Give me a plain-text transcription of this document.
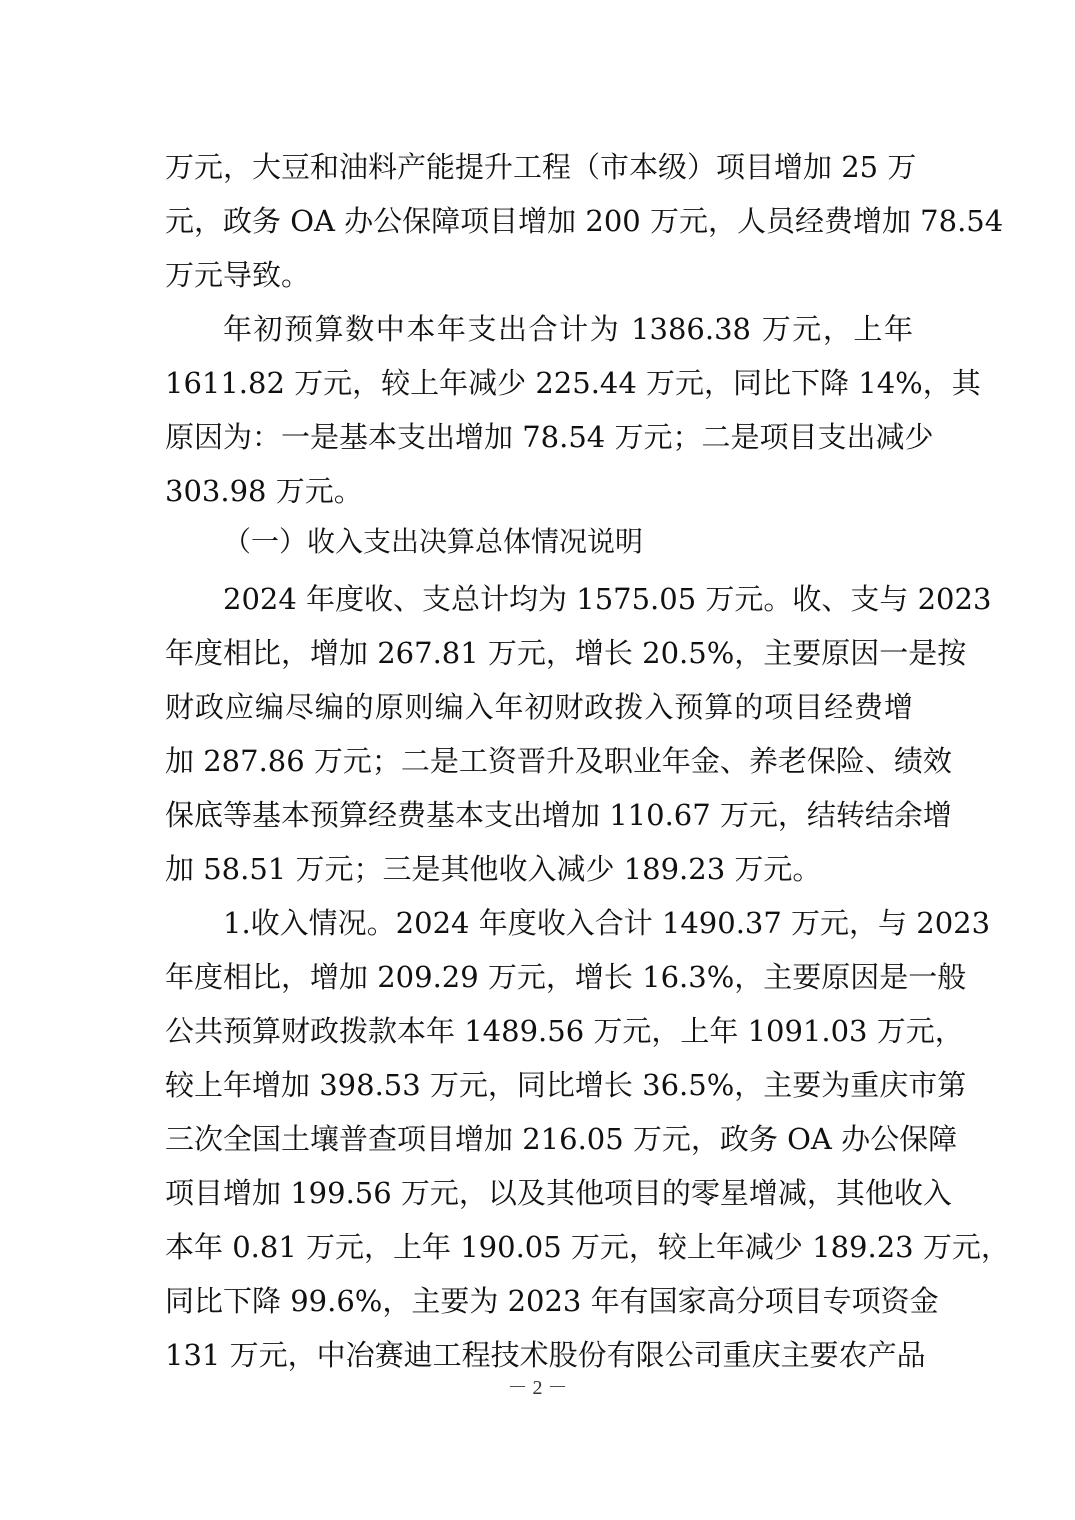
万元，大豆和油料产能提升工程（市本级）项目增加 25 万
元，政务 OA 办公保障项目增加 200 万元，人员经费增加 78.54
万元导致。
年初预算数中本年支出合计为 1386.38 万元，上年
1611.82 万元，较上年减少 225.44 万元，同比下降 14%，其
原因为：一是基本支出增加 78.54 万元；二是项目支出减少
303.98 万元。
（一）收入支出决算总体情况说明
2024 年度收、支总计均为 1575.05 万元。收、支与 2023
年度相比，增加 267.81 万元，增长 20.5%，主要原因一是按
财政应编尽编的原则编入年初财政拨入预算的项目经费增
加 287.86 万元；二是工资晋升及职业年金、养老保险、绩效
保底等基本预算经费基本支出增加 110.67 万元，结转结余增
加 58.51 万元；三是其他收入减少 189.23 万元。
1.收入情况。2024 年度收入合计 1490.37 万元，与 2023
年度相比，增加 209.29 万元，增长 16.3%，主要原因是一般
公共预算财政拨款本年 1489.56 万元，上年 1091.03 万元，
较上年增加 398.53 万元，同比增长 36.5%，主要为重庆市第
三次全国土壤普查项目增加 216.05 万元，政务 OA 办公保障
项目增加 199.56 万元，以及其他项目的零星增减，其他收入
本年 0.81 万元，上年 190.05 万元，较上年减少 189.23 万元，
同比下降 99.6%，主要为 2023 年有国家高分项目专项资金
131 万元，中冶赛迪工程技术股份有限公司重庆主要农产品
－ 2 －
